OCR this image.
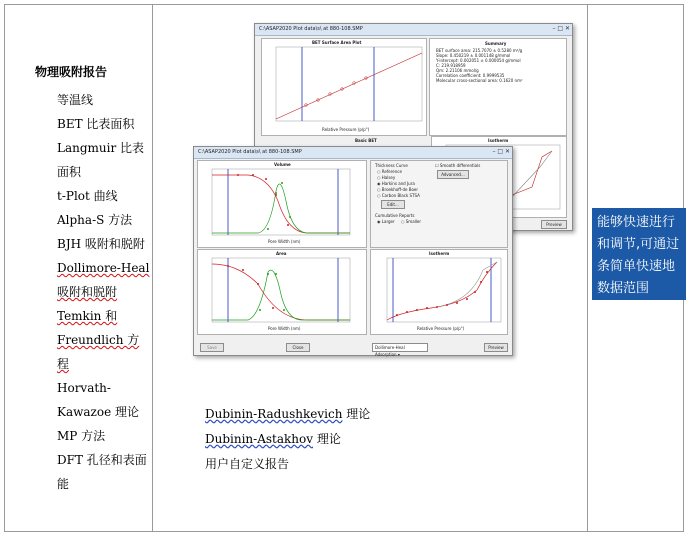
物理吸附报告
等温线
BET 比表面积
Langmuir 比表面积
t-Plot 曲线
Alpha-S 方法
BJH 吸附和脱附
Dollimore-Heal 吸附和脱附
Temkin 和 Freundlich 方程
Horvath-Kawazoe 理论
MP 方法
DFT 孔径和表面能
C:\ASAP2020 Plot data\s\ at 880-108.SMP	– □ ✕
BET Surface Area Plot
Relative Pressure (p/p°)
Summary
BET surface area: 215.7070 ± 0.5280 m²/g
Slope: 0.450219 ± 0.001148 g/mmol
Y-intercept: 0.002051 ± 0.000054 g/mmol
C: 219.918959
Qm: 2.21106 mmol/g
Correlation coefficient: 0.9999535
Molecular cross-sectional area: 0.1620 nm²
Isotherm
Basic BET
Preview
C:\ASAP2020 Plot data\s\ at 880-108.SMP	– □ ✕
Volume
Pore Width (nm)
Thickness Curve
○ Reference
○ Halsey
◉ Harkins and Jura
○ Broekhoff-de Boer
○ Carbon Black STSA
Edit...
Cumulative Reports
◉ Larger ○ Smaller
☐ Smooth differentials
Advanced...
Area
Pore Width (nm)
Isotherm
Relative Pressure (p/p°)
Save	Close	Dollimore-Heal Adsorption ▾
Preview
Dubinin-Radushkevich 理论
Dubinin-Astakhov 理论
用户自定义报告
能够快速进行
和调节,可通过
条简单快速地
数据范围
